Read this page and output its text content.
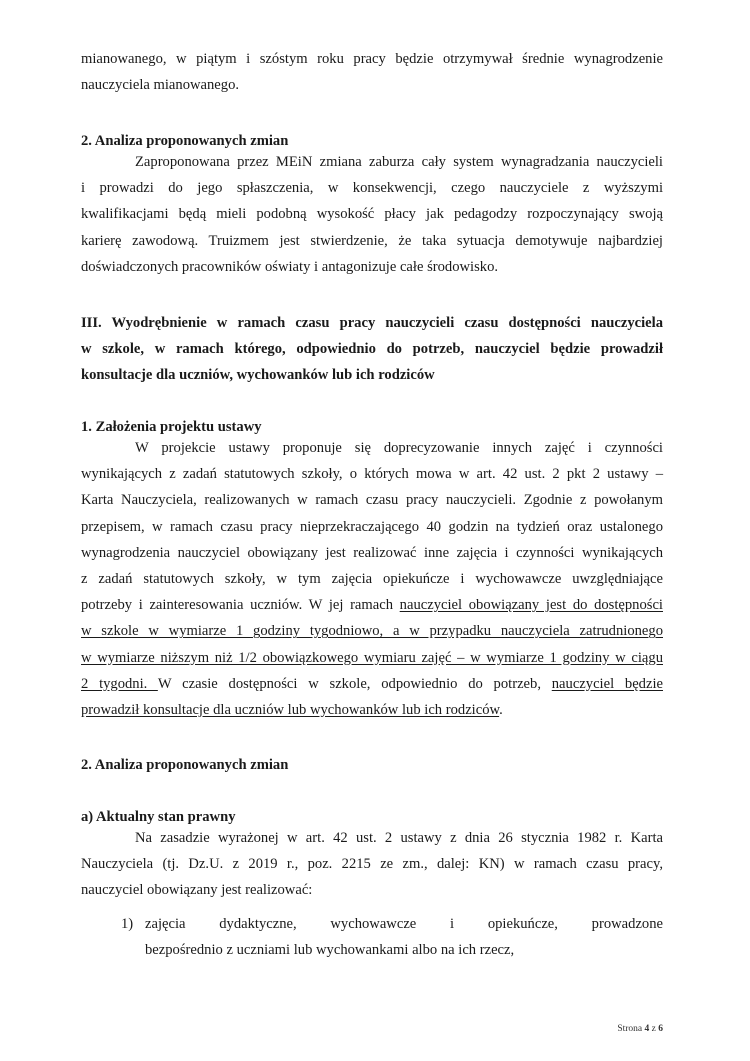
mianowanego, w piątym i szóstym roku pracy będzie otrzymywał średnie wynagrodzenie
nauczyciela mianowanego.
2. Analiza proponowanych zmian
Zaproponowana przez MEiN zmiana zaburza cały system wynagradzania nauczycieli
i prowadzi do jego spłaszczenia, w konsekwencji, czego nauczyciele z wyższymi
kwalifikacjami będą mieli podobną wysokość płacy jak pedagodzy rozpoczynający swoją
karierę zawodową. Truizmem jest stwierdzenie, że taka sytuacja demotywuje najbardziej
doświadczonych pracowników oświaty i antagonizuje całe środowisko.
III. Wyodrębnienie w ramach czasu pracy nauczycieli czasu dostępności nauczyciela
w szkole, w ramach którego, odpowiednio do potrzeb, nauczyciel będzie prowadził
konsultacje dla uczniów, wychowanków lub ich rodziców
1. Założenia projektu ustawy
W projekcie ustawy proponuje się doprecyzowanie innych zajęć i czynności
wynikających z zadań statutowych szkoły, o których mowa w art. 42 ust. 2 pkt 2 ustawy –
Karta Nauczyciela, realizowanych w ramach czasu pracy nauczycieli. Zgodnie z powołanym
przepisem, w ramach czasu pracy nieprzekraczającego 40 godzin na tydzień oraz ustalonego
wynagrodzenia nauczyciel obowiązany jest realizować inne zajęcia i czynności wynikających
z zadań statutowych szkoły, w tym zajęcia opiekuńcze i wychowawcze uwzględniające
potrzeby i zainteresowania uczniów. W jej ramach nauczyciel obowiązany jest do dostępności
w szkole w wymiarze 1 godziny tygodniowo, a w przypadku nauczyciela zatrudnionego
w wymiarze niższym niż 1/2 obowiązkowego wymiaru zajęć – w wymiarze 1 godziny w ciągu
2 tygodni. W czasie dostępności w szkole, odpowiednio do potrzeb, nauczyciel będzie
prowadził konsultacje dla uczniów lub wychowanków lub ich rodziców.
2. Analiza proponowanych zmian
a) Aktualny stan prawny
Na zasadzie wyrażonej w art. 42 ust. 2 ustawy z dnia 26 stycznia 1982 r. Karta
Nauczyciela (tj. Dz.U. z 2019 r., poz. 2215 ze zm., dalej: KN) w ramach czasu pracy,
nauczyciel obowiązany jest realizować:
1) zajęcia dydaktyczne, wychowawcze i opiekuńcze, prowadzone
bezpośrednio z uczniami lub wychowankami albo na ich rzecz,
Strona 4 z 6
